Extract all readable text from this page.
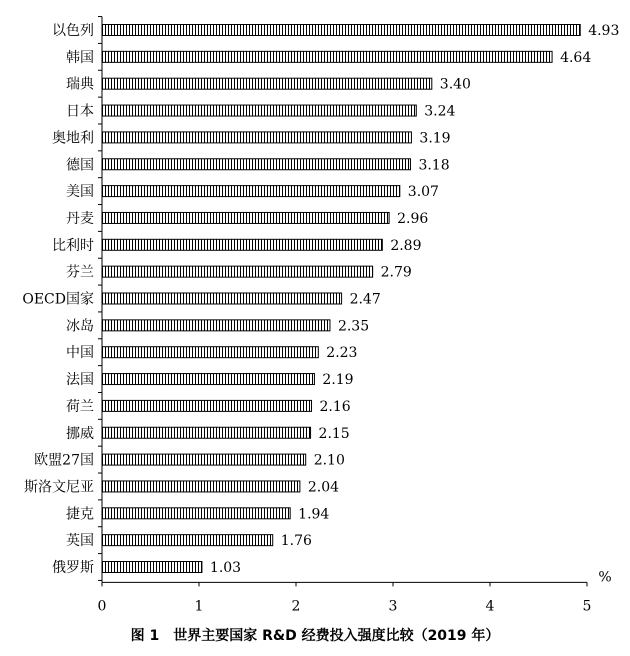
以色列	4.93
韩国	4.64
瑞典	3.40
日本	3.24
奥地利	3.19
德国	3.18
美国	3.07
丹麦	2.96
比利时	2.89
芬兰	2.79
OECD国家	2.47
冰岛	2.35
中国	2.23
法国	2.19
荷兰	2.16
挪威	2.15
欧盟27国	2.10
斯洛文尼亚	2.04
捷克	1.94
英国	1.76
俄罗斯	1.03
0	1	2	3	4	5
%
图 1　世界主要国家 R&D 经费投入强度比较（2019 年）
